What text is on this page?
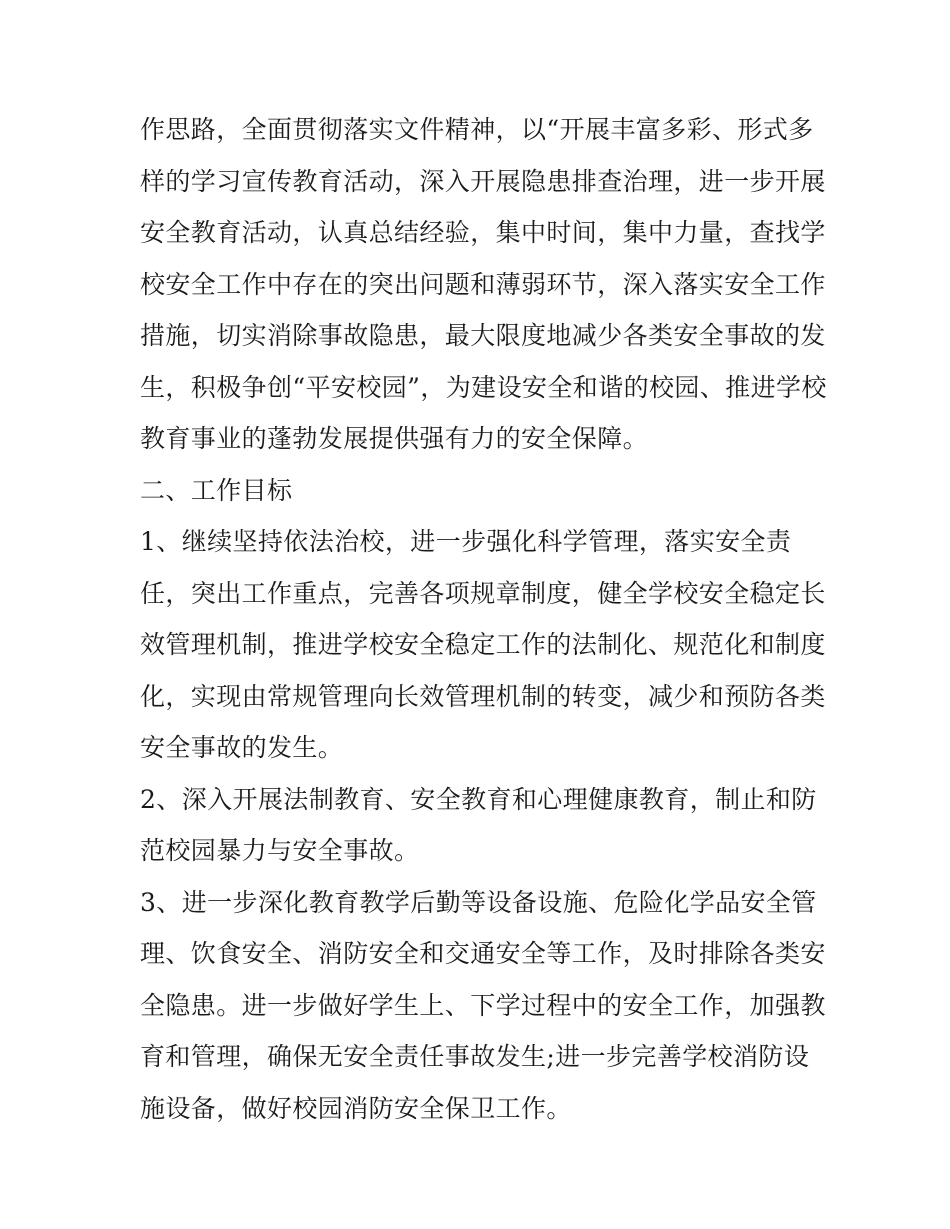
作思路，全面贯彻落实文件精神，以“开展丰富多彩、形式多
样的学习宣传教育活动，深入开展隐患排查治理，进一步开展
安全教育活动，认真总结经验，集中时间，集中力量，查找学
校安全工作中存在的突出问题和薄弱环节，深入落实安全工作
措施，切实消除事故隐患，最大限度地减少各类安全事故的发
生，积极争创“平安校园”，为建设安全和谐的校园、推进学校
教育事业的蓬勃发展提供强有力的安全保障。
二、工作目标
1、继续坚持依法治校，进一步强化科学管理，落实安全责
任，突出工作重点，完善各项规章制度，健全学校安全稳定长
效管理机制，推进学校安全稳定工作的法制化、规范化和制度
化，实现由常规管理向长效管理机制的转变，减少和预防各类
安全事故的发生。
2、深入开展法制教育、安全教育和心理健康教育，制止和防
范校园暴力与安全事故。
3、进一步深化教育教学后勤等设备设施、危险化学品安全管
理、饮食安全、消防安全和交通安全等工作，及时排除各类安
全隐患。进一步做好学生上、下学过程中的安全工作，加强教
育和管理，确保无安全责任事故发生;进一步完善学校消防设
施设备，做好校园消防安全保卫工作。
